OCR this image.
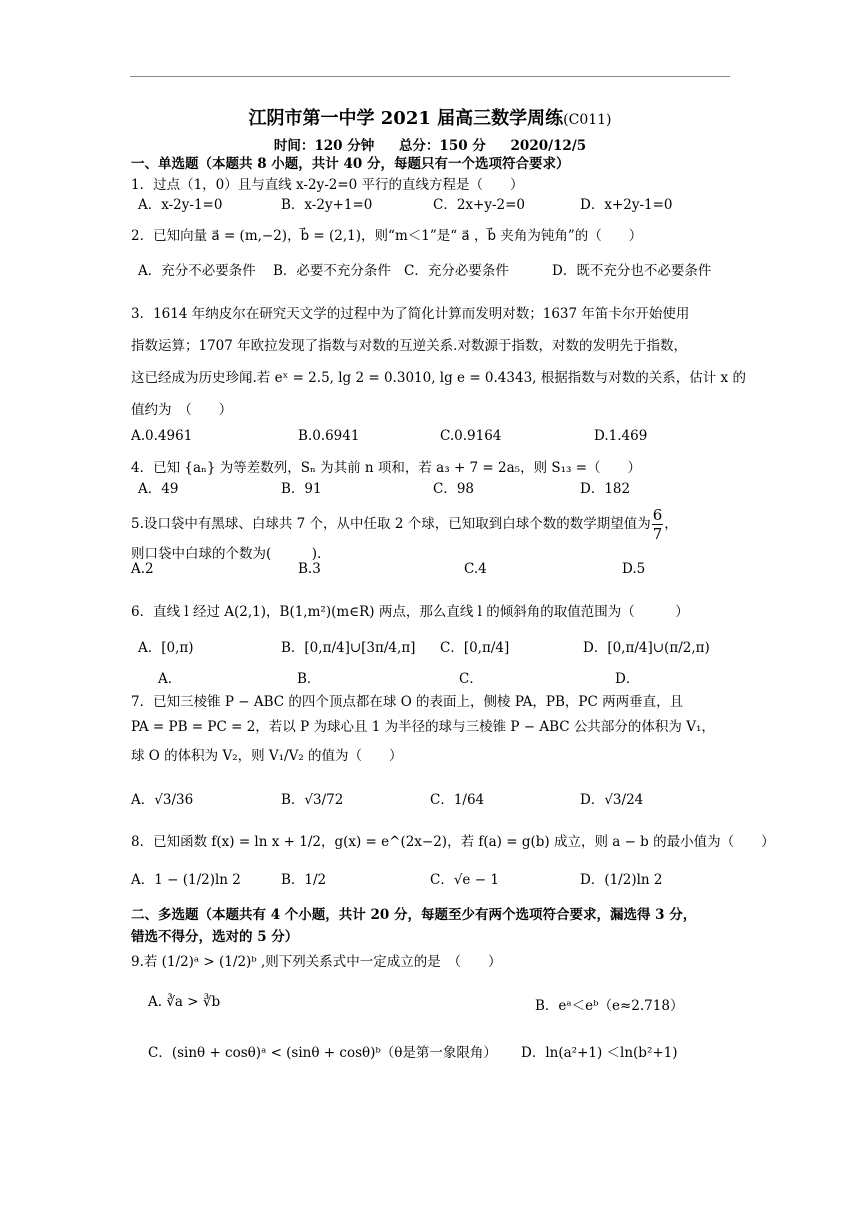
江阴市第一中学 2021 届高三数学周练(C011)
时间：120 分钟 总分：150 分 2020/12/5
一、单选题（本题共 8 小题，共计 40 分，每题只有一个选项符合要求）
1．过点（1，0）且与直线 x-2y-2=0 平行的直线方程是（　　）
A．x-2y-1=0	B．x-2y+1=0	C．2x+y-2=0	D．x+2y-1=0
2．已知向量 a⃗ = (m,−2)，b⃗ = (2,1)，则“m＜1”是“ a⃗ ，b⃗ 夹角为钝角”的（　　）
A．充分不必要条件 B．必要不充分条件 C．充分必要条件	D．既不充分也不必要条件
3．1614 年纳皮尔在研究天文学的过程中为了简化计算而发明对数；1637 年笛卡尔开始使用
指数运算；1707 年欧拉发现了指数与对数的互逆关系.对数源于指数，对数的发明先于指数，
这已经成为历史珍闻.若 eˣ = 2.5, lg 2 = 0.3010, lg e = 0.4343, 根据指数与对数的关系，估计 x 的
值约为　（　　）
A.0.4961	B.0.6941	C.0.9164	D.1.469
4．已知 {aₙ} 为等差数列，Sₙ 为其前 n 项和，若 a₃ + 7 = 2a₅，则 S₁₃ =（　　）
A．49	B．91	C．98	D．182
5.设口袋中有黑球、白球共 7 个，从中任取 2 个球，已知取到白球个数的数学期望值为 $\frac{6}{7}$ ，
则口袋中白球的个数为(　　　).
A.2	B.3	C.4	D.5
6．直线 l 经过 A(2,1)，B(1,m²)(m∈R) 两点，那么直线 l 的倾斜角的取值范围为（　　　）
A．[0,π)	B．[0,π/4]∪[3π/4,π] C．[0,π/4]	D．[0,π/4]∪(π/2,π)
A．	B．	C．	D．
7．已知三棱锥 P − ABC 的四个顶点都在球 O 的表面上，侧棱 PA，PB，PC 两两垂直，且
PA = PB = PC = 2，若以 P 为球心且 1 为半径的球与三棱锥 P − ABC 公共部分的体积为 V₁，
球 O 的体积为 V₂，则 V₁/V₂ 的值为（　　）
A．√3/36	B．√3/72	C．1/64	D．√3/24
8．已知函数 f(x) = ln x + 1/2，g(x) = e^(2x−2)，若 f(a) = g(b) 成立，则 a − b 的最小值为（　　）
A．1 − (1/2)ln 2	B．1/2	C．√e − 1	D．(1/2)ln 2
二、多选题（本题共有 4 个小题，共计 20 分，每题至少有两个选项符合要求，漏选得 3 分，
错选不得分，选对的 5 分）
9.若 (1/2)ᵃ > (1/2)ᵇ ,则下列关系式中一定成立的是　（　　）
A. ∛a > ∛b	B．eᵃ＜eᵇ（e≈2.718）
C．(sinθ + cosθ)ᵃ < (sinθ + cosθ)ᵇ（θ是第一象限角） D．ln(a²+1) ＜ln(b²+1)
